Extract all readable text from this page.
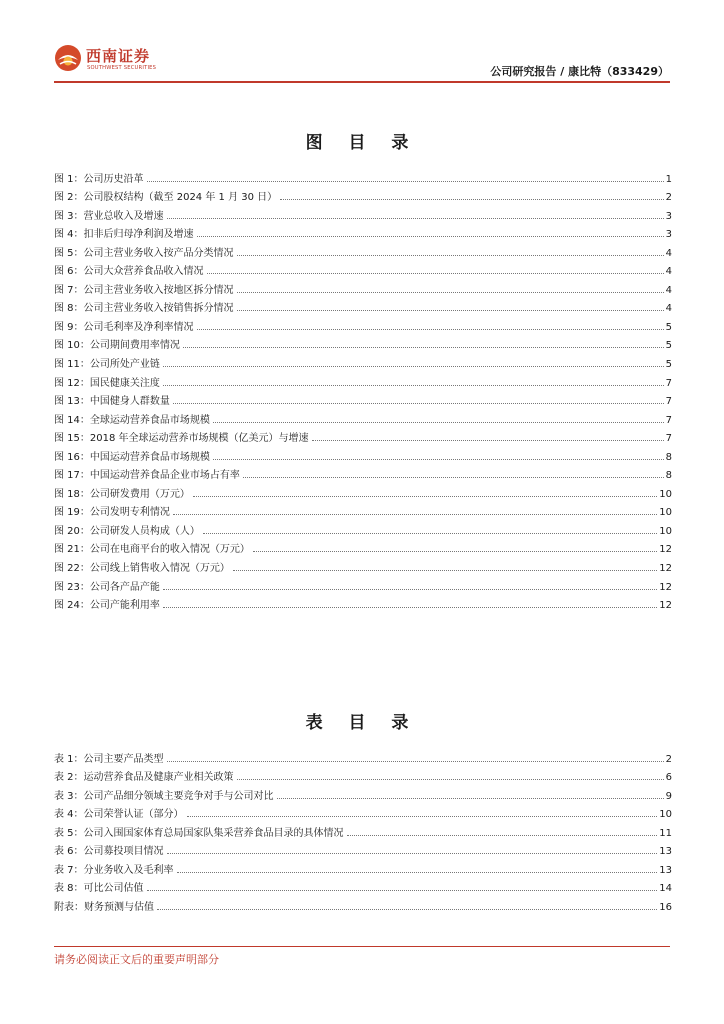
西南证券
SOUTHWEST SECURITIES	公司研究报告 / 康比特（833429）
图 目 录
图 1：公司历史沿革	1
图 2：公司股权结构（截至 2024 年 1 月 30 日）	2
图 3：营业总收入及增速	3
图 4：扣非后归母净利润及增速	3
图 5：公司主营业务收入按产品分类情况	4
图 6：公司大众营养食品收入情况	4
图 7：公司主营业务收入按地区拆分情况	4
图 8：公司主营业务收入按销售拆分情况	4
图 9：公司毛利率及净利率情况	5
图 10：公司期间费用率情况	5
图 11：公司所处产业链	5
图 12：国民健康关注度	7
图 13：中国健身人群数量	7
图 14：全球运动营养食品市场规模	7
图 15：2018 年全球运动营养市场规模（亿美元）与增速	7
图 16：中国运动营养食品市场规模	8
图 17：中国运动营养食品企业市场占有率	8
图 18：公司研发费用（万元）	10
图 19：公司发明专利情况	10
图 20：公司研发人员构成（人）	10
图 21：公司在电商平台的收入情况（万元）	12
图 22：公司线上销售收入情况（万元）	12
图 23：公司各产品产能	12
图 24：公司产能利用率	12
表 目 录
表 1：公司主要产品类型	2
表 2：运动营养食品及健康产业相关政策	6
表 3：公司产品细分领域主要竞争对手与公司对比	9
表 4：公司荣誉认证（部分）	10
表 5：公司入围国家体育总局国家队集采营养食品目录的具体情况	11
表 6：公司募投项目情况	13
表 7：分业务收入及毛利率	13
表 8：可比公司估值	14
附表：财务预测与估值	16
请务必阅读正文后的重要声明部分
